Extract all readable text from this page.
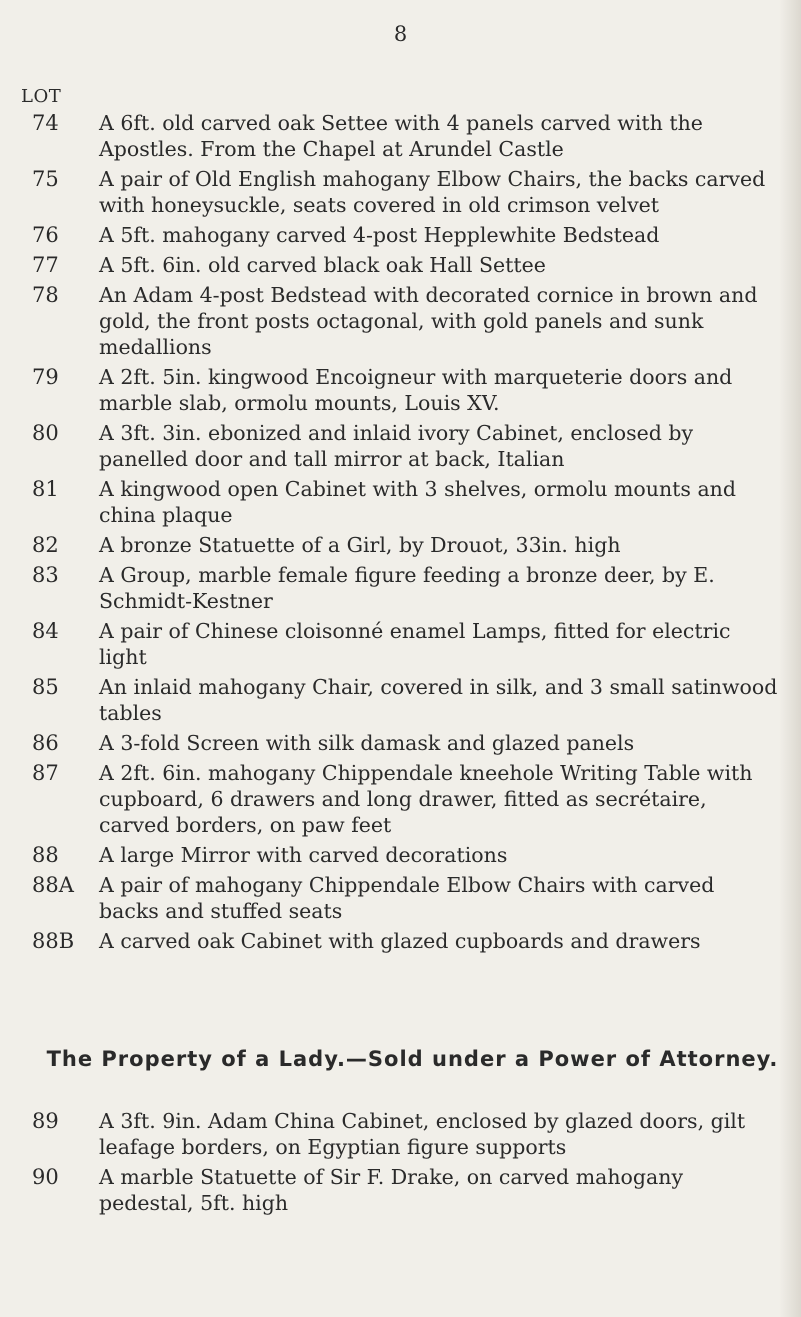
8
LOT
74	A 6ft. old carved oak Settee with 4 panels carved with the Apostles. From the Chapel at Arundel Castle
75	A pair of Old English mahogany Elbow Chairs, the backs carved with honeysuckle, seats covered in old crimson velvet
76	A 5ft. mahogany carved 4-post Hepplewhite Bedstead
77	A 5ft. 6in. old carved black oak Hall Settee
78	An Adam 4-post Bedstead with decorated cornice in brown and gold, the front posts octagonal, with gold panels and sunk medallions
79	A 2ft. 5in. kingwood Encoigneur with marqueterie doors and marble slab, ormolu mounts, Louis XV.
80	A 3ft. 3in. ebonized and inlaid ivory Cabinet, enclosed by panelled door and tall mirror at back, Italian
81	A kingwood open Cabinet with 3 shelves, ormolu mounts and china plaque
82	A bronze Statuette of a Girl, by Drouot, 33in. high
83	A Group, marble female figure feeding a bronze deer, by E. Schmidt-Kestner
84	A pair of Chinese cloisonné enamel Lamps, fitted for electric light
85	An inlaid mahogany Chair, covered in silk, and 3 small satinwood tables
86	A 3-fold Screen with silk damask and glazed panels
87	A 2ft. 6in. mahogany Chippendale kneehole Writing Table with cupboard, 6 drawers and long drawer, fitted as secrétaire, carved borders, on paw feet
88	A large Mirror with carved decorations
88A	A pair of mahogany Chippendale Elbow Chairs with carved backs and stuffed seats
88B	A carved oak Cabinet with glazed cupboards and drawers
The Property of a Lady.—Sold under a Power of Attorney.
89	A 3ft. 9in. Adam China Cabinet, enclosed by glazed doors, gilt leafage borders, on Egyptian figure supports
90	A marble Statuette of Sir F. Drake, on carved mahogany pedestal, 5ft. high
